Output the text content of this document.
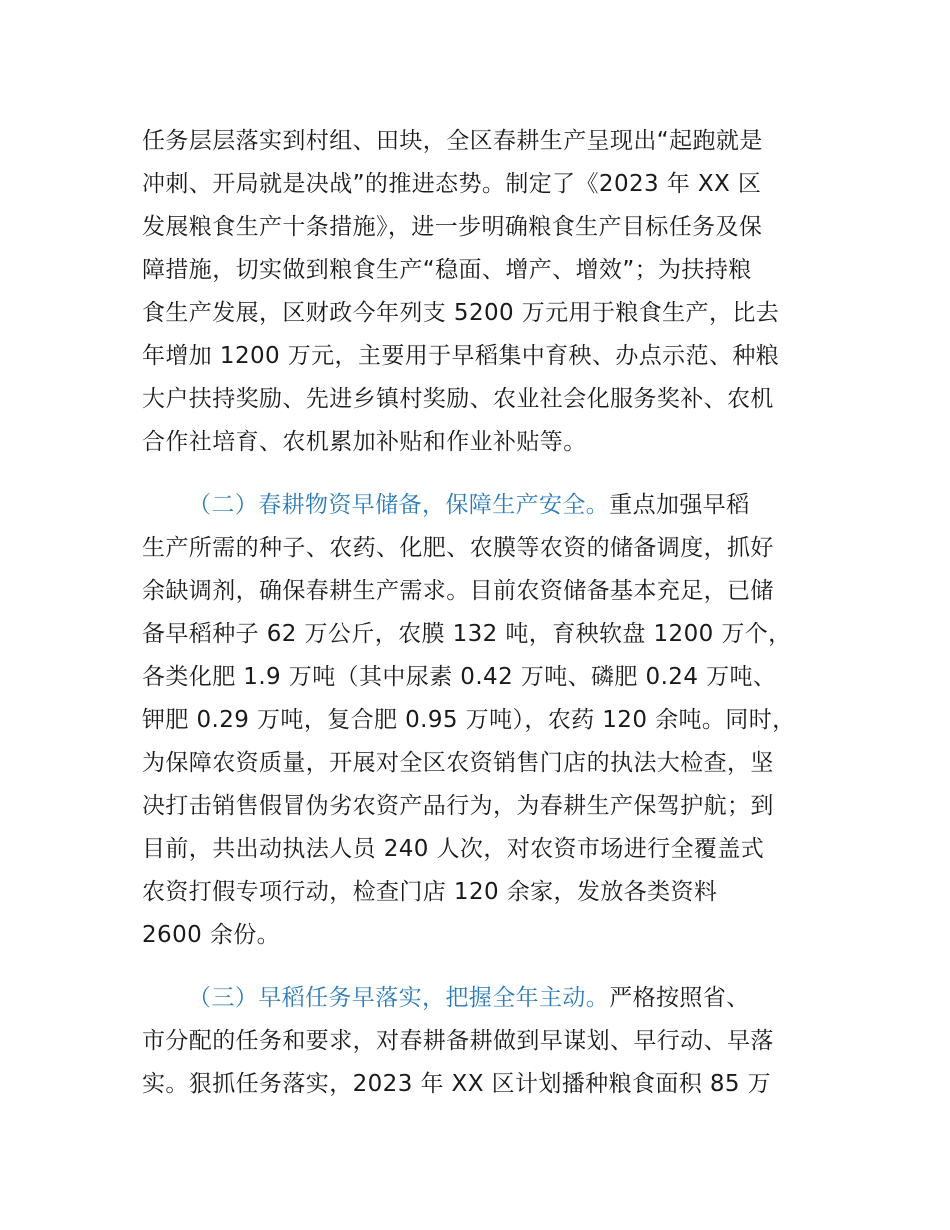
任务层层落实到村组、田块，全区春耕生产呈现出“起跑就是
冲刺、开局就是决战”的推进态势。制定了《2023 年 XX 区
发展粮食生产十条措施》，进一步明确粮食生产目标任务及保
障措施，切实做到粮食生产“稳面、增产、增效”；为扶持粮
食生产发展，区财政今年列支 5200 万元用于粮食生产，比去
年增加 1200 万元，主要用于早稻集中育秧、办点示范、种粮
大户扶持奖励、先进乡镇村奖励、农业社会化服务奖补、农机
合作社培育、农机累加补贴和作业补贴等。
（二）春耕物资早储备，保障生产安全。重点加强早稻
生产所需的种子、农药、化肥、农膜等农资的储备调度，抓好
余缺调剂，确保春耕生产需求。目前农资储备基本充足，已储
备早稻种子 62 万公斤，农膜 132 吨，育秧软盘 1200 万个，
各类化肥 1.9 万吨（其中尿素 0.42 万吨、磷肥 0.24 万吨、
钾肥 0.29 万吨，复合肥 0.95 万吨），农药 120 余吨。同时，
为保障农资质量，开展对全区农资销售门店的执法大检查，坚
决打击销售假冒伪劣农资产品行为，为春耕生产保驾护航；到
目前，共出动执法人员 240 人次，对农资市场进行全覆盖式
农资打假专项行动，检查门店 120 余家，发放各类资料
2600 余份。
（三）早稻任务早落实，把握全年主动。严格按照省、
市分配的任务和要求，对春耕备耕做到早谋划、早行动、早落
实。狠抓任务落实，2023 年 XX 区计划播种粮食面积 85 万
